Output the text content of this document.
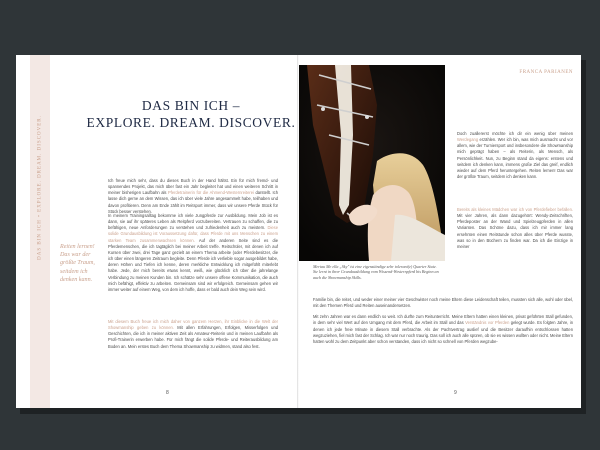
DAS BIN ICH • EXPLORE. DREAM. DISCOVER.
DAS BIN ICH –
EXPLORE. DREAM. DISCOVER.

Ich freue mich sehr, dass du dieses Buch in der Hand hältst. Ein für mich fremd- und spannendes Projekt, das mich über fast ein Jahr begleitet hat und einen weiteren Schritt in meiner bisherigen Laufbahn als Pferdetrainerin für die Ahmend-Westernreiterei darstellt. Ich lasse dich gerne an dem Wissen, das ich über viele Jahre angesammelt habe, teilhaben und davon profitieren. Denn am Ende zählt im Reitsport immer, dass wir unsere Pferde Stück für Stück besser verstehen.

Reiten lernen! Das war der größte Traum, seitdem ich denken kann.

In meinem Trainingsalltag bekomme ich viele Jungpferde zur Ausbildung. Mein Job ist es dann, sie auf ihr späteres Leben als Reitpferd vorzubereiten. Vertrauen zu schaffen, die zu befähigen, neue Anforderungen zu verstehen und zufriedenheit auch zu meistern. Diese solide Grundausbildung ist Voraussetzung dafür, dass Pferde mit uns Menschen zu einem starken Team zusammenwachsen können. Auf der anderen Seite sind es die Pferdemenschen, die ich tagtäglich bei meiner Arbeit treffe. Reitschüler, mit denen ich auf Kursen über zwei, drei Tage ganz gezielt an einem Thema arbeite (oder Pferdebesitzer, die ich über einen längeren Zeitraum begleite. Denn Pferde ich verlieble sogar ausgebildet habe, deren Höhen und Tiefen ich kenne, deren merkliche Entwicklung ich mitgefühlt miterlebt habe. Jede, der mich bereits etwas kennt, weiß, wie glücklich ich über die jahrelange Verbindung zu meinen Kunden bin. Ich schätze sehr unsere offene Kommunikation, die auch mich befähigt, effektiv zu arbeiten. Gemeinsam sind wir erfolgreich. Gemeinsam gehen wir immer weiter auf einem Weg, von dem ich hoffe, dass er bald auch dein Weg sein wird.

Mit diesem Buch freue ich mich daher von ganzem Herzen, ihr Einblicke in die Welt der Showmanship geben zu können. Mit allen Erfahrungen, Erfolgen, Misserfolgen und Geschichten, die ich in meiner aktiven Zeit als Amateur-Reiterin und in meinen Laufbahn als Profi-Trainerin erwerben habe. Für mich fängt die solide Pferde- und Reiterausbildung am Boden an. Mein erstes Buch dem Thema Showmanship zu widmen, stand also fest.

8
Mertau Me ella „Sky" ist eine eigenständige sehr tolerant(e) Quarter Stute. Sie lernt in ihrer Grundausbildung vom Wissend-Westernpferd bis Beginn an auch die Showmanship Skills.
FRANCA PARIANEN

Doch zuallererst möchte ich dir ein wenig über meinen Werdegang erzählen. Wer ich bin, was mich ausmacht und vor allem, wie der Turniersport und insbesondere die Showmanship mich geprägt haben – als Reiterin, als Mensch, als Persönlichkeit. Nun, zu Beginn stand da eigens: erstens und seitdem ich denken kann, immens große Ziel das greif, endlich wieder auf dem Pferd heruntergehen. Reiten lernen! Das war der größte Traum, seitdem ich denken kann.

Bereits als kleines Mädchen war ich von Pferdefieber befallen. Mit vier Jahren, als dann dazugehört: Wendy-Zeitschriften, Pferdeposter an der Wand und Spielzeugpferden in allen Varianten. Das Schöne dazu, dass ich mir immer lang ersehnten einen Reitstunde schon alles über Pferde wusste, was so in den Büchern zu finden war. Da ich die Einzige in meiner

Familie bin, die reitet, und weder einer meiner vier Geschwister noch meine Eltern diese Leidenschaft teilen, mussten sich alle, wohl oder übel, mit den Themen Pferd und Reiten auseinandersetzen.

Mit zehn Jahren war es dann endlich so weit. Ich durfte zum Reitunterricht. Meine Eltern hatten einen kleinen, privat geführten Stall gefunden, in dem sehr viel Wert auf den Umgang mit dem Pferd, die Arbeit im Stall und das Verständnis vor Pferden gelegt wurde. Es folgten Jahre, in denen ich jede freie Minute in diesem Stall verbrachte. Als der Pachtvertrag auslief und die Besitzer daraufhin entschlossen hatten wegzuziehen, fiel mich fast der Schlag. Ich war nur noch traurig. Das soll ich auch alle spüren, ob sie es wissen wollten oder nicht. Meine Eltern hatten wohl zu dem Zeitpunkt aber schon verstanden, dass ich nicht so schnell von Pferden wegzube-

9
